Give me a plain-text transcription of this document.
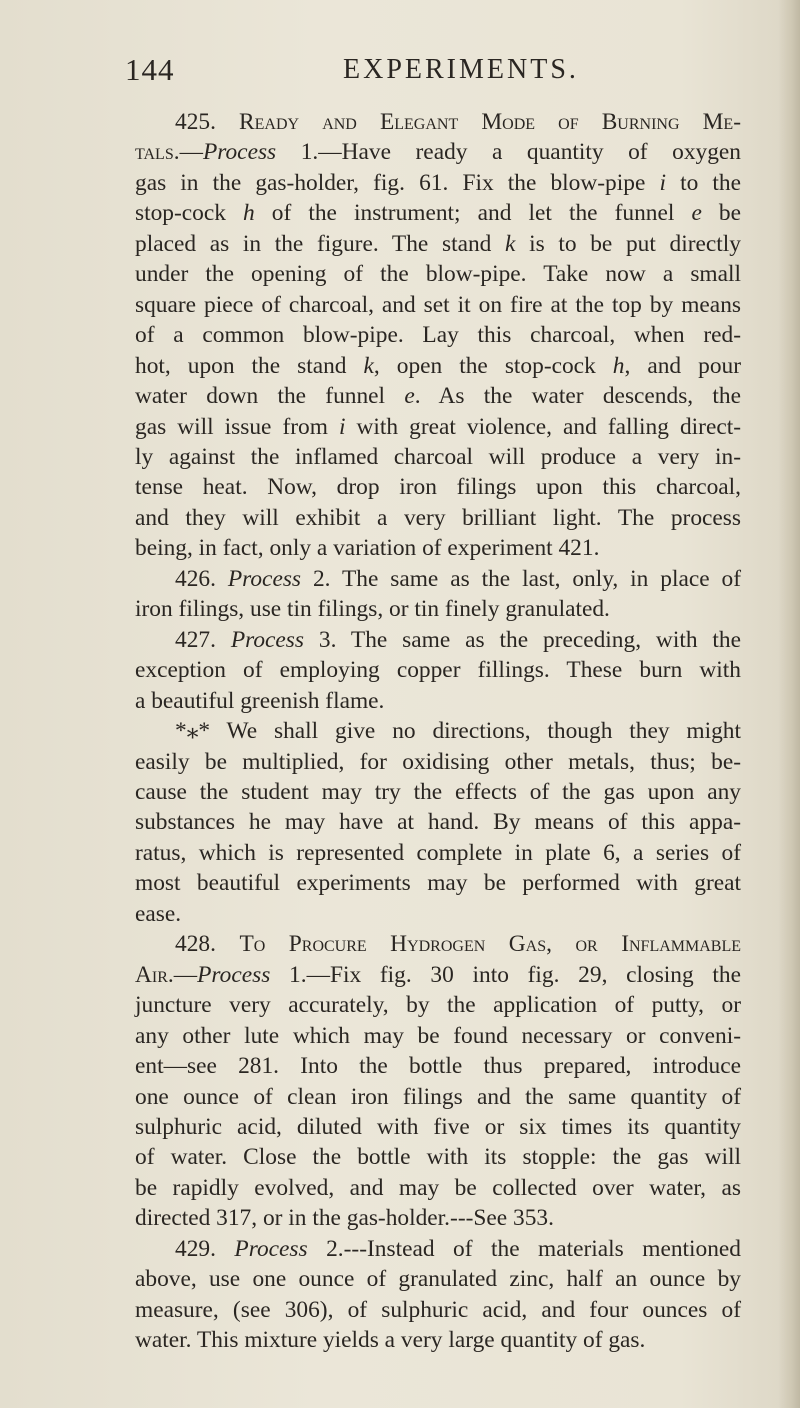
144	EXPERIMENTS.
425. Ready and Elegant Mode of Burning Me-
tals.—Process 1.—Have ready a quantity of oxygen
gas in the gas-holder, fig. 61. Fix the blow-pipe i to the
stop-cock h of the instrument; and let the funnel e be
placed as in the figure. The stand k is to be put directly
under the opening of the blow-pipe. Take now a small
square piece of charcoal, and set it on fire at the top by means
of a common blow-pipe. Lay this charcoal, when red-
hot, upon the stand k, open the stop-cock h, and pour
water down the funnel e. As the water descends, the
gas will issue from i with great violence, and falling direct-
ly against the inflamed charcoal will produce a very in-
tense heat. Now, drop iron filings upon this charcoal,
and they will exhibit a very brilliant light. The process
being, in fact, only a variation of experiment 421.
426. Process 2. The same as the last, only, in place of
iron filings, use tin filings, or tin finely granulated.
427. Process 3. The same as the preceding, with the
exception of employing copper fillings. These burn with
a beautiful greenish flame.
*⁎* We shall give no directions, though they might
easily be multiplied, for oxidising other metals, thus; be-
cause the student may try the effects of the gas upon any
substances he may have at hand. By means of this appa-
ratus, which is represented complete in plate 6, a series of
most beautiful experiments may be performed with great
ease.
428. To Procure Hydrogen Gas, or Inflammable
Air.—Process 1.—Fix fig. 30 into fig. 29, closing the
juncture very accurately, by the application of putty, or
any other lute which may be found necessary or conveni-
ent—see 281. Into the bottle thus prepared, introduce
one ounce of clean iron filings and the same quantity of
sulphuric acid, diluted with five or six times its quantity
of water. Close the bottle with its stopple: the gas will
be rapidly evolved, and may be collected over water, as
directed 317, or in the gas-holder.---See 353.
429. Process 2.---Instead of the materials mentioned
above, use one ounce of granulated zinc, half an ounce by
measure, (see 306), of sulphuric acid, and four ounces of
water. This mixture yields a very large quantity of gas.
